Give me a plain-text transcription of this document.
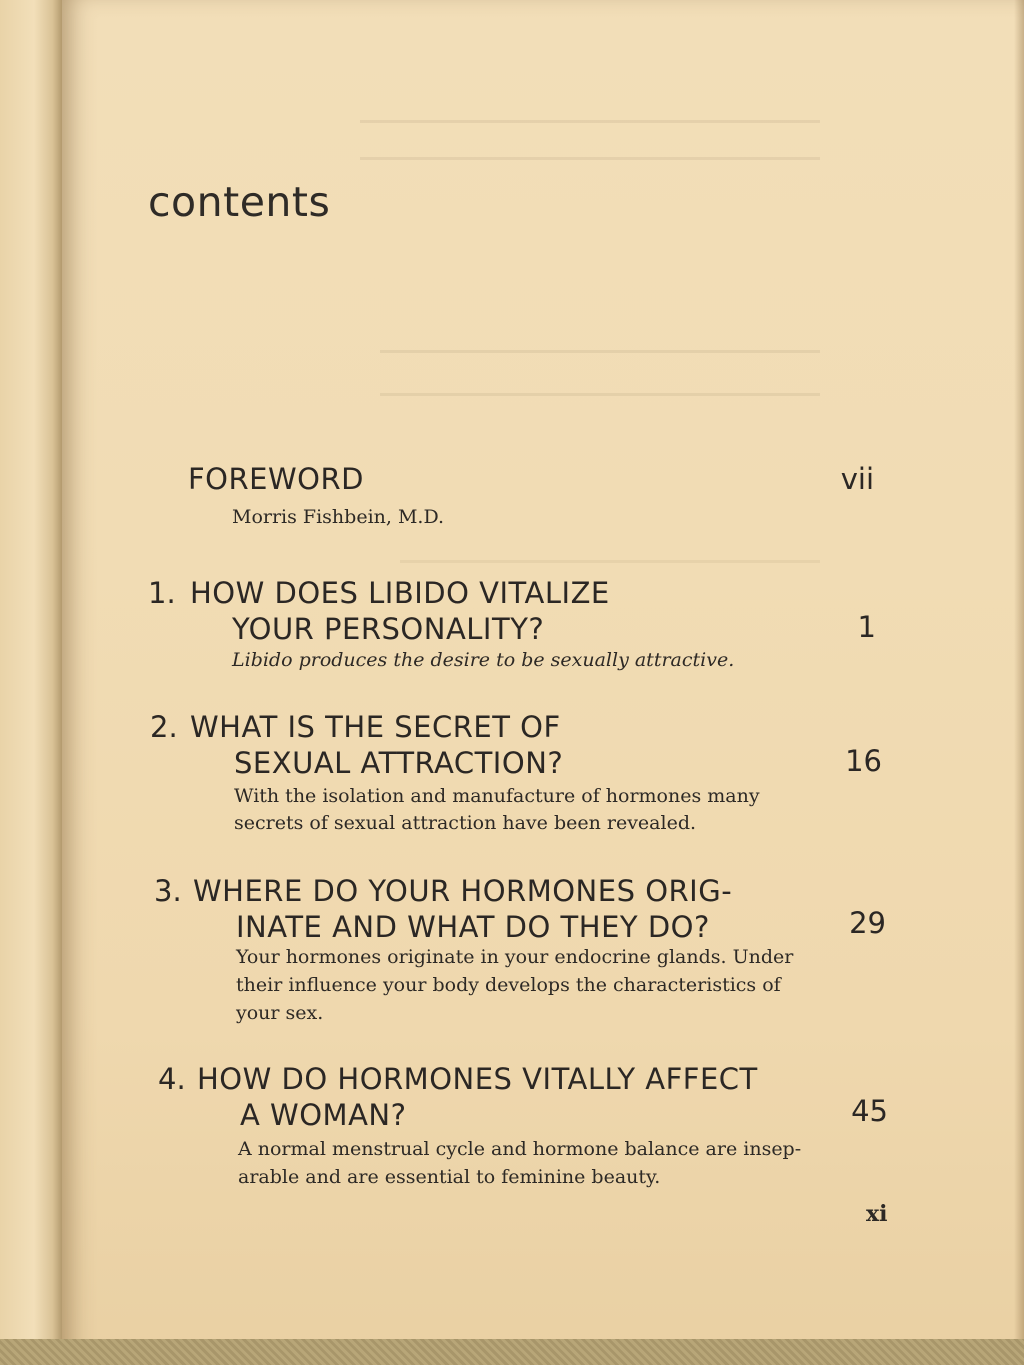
contents
FOREWORD	vii
Morris Fishbein, M.D.
1. HOW DOES LIBIDO VITALIZE
YOUR PERSONALITY?	1
Libido produces the desire to be sexually attractive.
2. WHAT IS THE SECRET OF
SEXUAL ATTRACTION?	16
With the isolation and manufacture of hormones many
secrets of sexual attraction have been revealed.
3. WHERE DO YOUR HORMONES ORIG-
INATE AND WHAT DO THEY DO?	29
Your hormones originate in your endocrine glands. Under
their influence your body develops the characteristics of
your sex.
4. HOW DO HORMONES VITALLY AFFECT
A WOMAN?	45
A normal menstrual cycle and hormone balance are insep-
arable and are essential to feminine beauty.
xi
